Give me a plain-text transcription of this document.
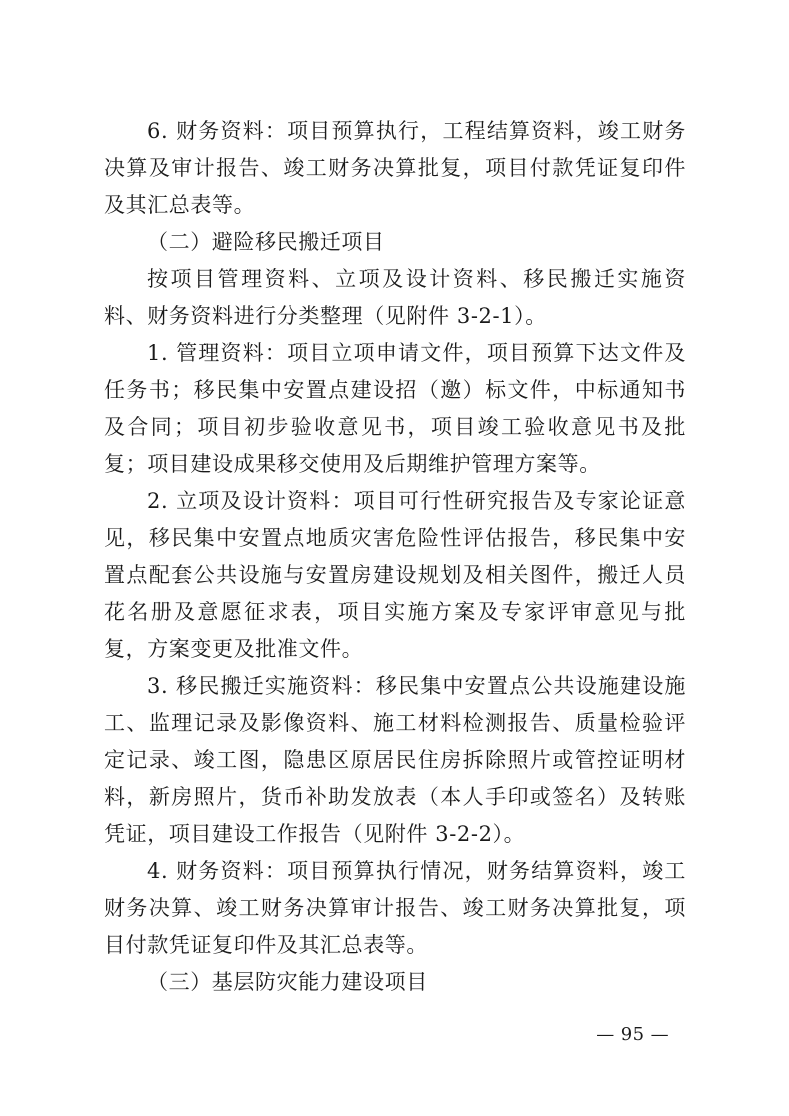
6. 财务资料：项目预算执行，工程结算资料，竣工财务决算及审计报告、竣工财务决算批复，项目付款凭证复印件及其汇总表等。

（二）避险移民搬迁项目

按项目管理资料、立项及设计资料、移民搬迁实施资料、财务资料进行分类整理（见附件 3-2-1）。

1. 管理资料：项目立项申请文件，项目预算下达文件及任务书；移民集中安置点建设招（邀）标文件，中标通知书及合同；项目初步验收意见书，项目竣工验收意见书及批复；项目建设成果移交使用及后期维护管理方案等。

2. 立项及设计资料：项目可行性研究报告及专家论证意见，移民集中安置点地质灾害危险性评估报告，移民集中安置点配套公共设施与安置房建设规划及相关图件，搬迁人员花名册及意愿征求表，项目实施方案及专家评审意见与批复，方案变更及批准文件。

3. 移民搬迁实施资料：移民集中安置点公共设施建设施工、监理记录及影像资料、施工材料检测报告、质量检验评定记录、竣工图，隐患区原居民住房拆除照片或管控证明材料，新房照片，货币补助发放表（本人手印或签名）及转账凭证，项目建设工作报告（见附件 3-2-2）。

4. 财务资料：项目预算执行情况，财务结算资料，竣工财务决算、竣工财务决算审计报告、竣工财务决算批复，项目付款凭证复印件及其汇总表等。

（三）基层防灾能力建设项目

— 95 —
